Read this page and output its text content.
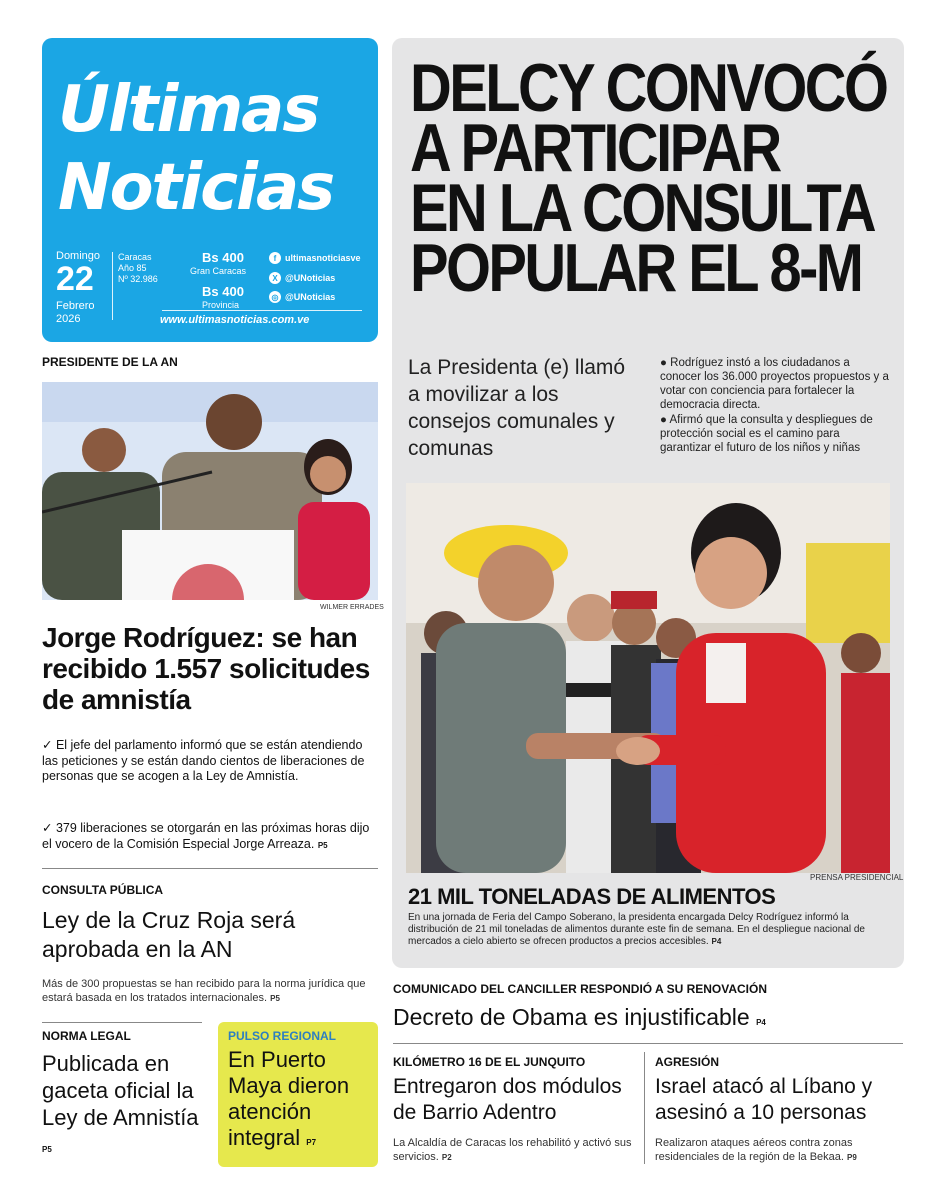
Últimas
Noticias
Domingo
22
Febrero
2026
Caracas
Año 85
Nº 32.986
Bs 400
Gran Caracas
Bs 400
Provincia
f ultimasnoticiasve
X @UNoticias
◎ @UNoticias
www.ultimasnoticias.com.ve
DELCY CONVOCÓ
A PARTICIPAR
EN LA CONSULTA
POPULAR EL 8-M
La Presidenta (e) llamó a movilizar a los consejos comunales y comunas

● Rodríguez instó a los ciudadanos a conocer los 36.000 proyectos propuestos y a votar con conciencia para fortalecer la democracia directa.

● Afirmó que la consulta y despliegues de protección social es el camino para garantizar el futuro de los niños y niñas

PRENSA PRESIDENCIAL
21 MIL TONELADAS DE ALIMENTOS
En una jornada de Feria del Campo Soberano, la presidenta encargada Delcy Rodríguez informó la distribución de 21 mil toneladas de alimentos durante este fin de semana. En el despliegue nacional de mercados a cielo abierto se ofrecen productos a precios accesibles. P4
PRESIDENTE DE LA AN
WILMER ERRADES
Jorge Rodríguez: se han recibido 1.557 solicitudes de amnistía
✓ El jefe del parlamento informó que se están atendiendo las peticiones y se están dando cientos de liberaciones de personas que se acogen a la Ley de Amnistía.
✓ 379 liberaciones se otorgarán en las próximas horas dijo el vocero de la Comisión Especial Jorge Arreaza. P5
CONSULTA PÚBLICA
Ley de la Cruz Roja será aprobada en la AN
Más de 300 propuestas se han recibido para la norma jurídica que estará basada en los tratados internacionales. P5
NORMA LEGAL
Publicada en gaceta oficial la Ley de Amnistía P5
PULSO REGIONAL
En Puerto Maya dieron atención integral P7
COMUNICADO DEL CANCILLER RESPONDIÓ A SU RENOVACIÓN
Decreto de Obama es injustificable P4
KILÓMETRO 16 DE EL JUNQUITO
Entregaron dos módulos de Barrio Adentro
La Alcaldía de Caracas los rehabilitó y activó sus servicios. P2
AGRESIÓN
Israel atacó al Líbano y asesinó a 10 personas
Realizaron ataques aéreos contra zonas residenciales de la región de la Bekaa. P9
